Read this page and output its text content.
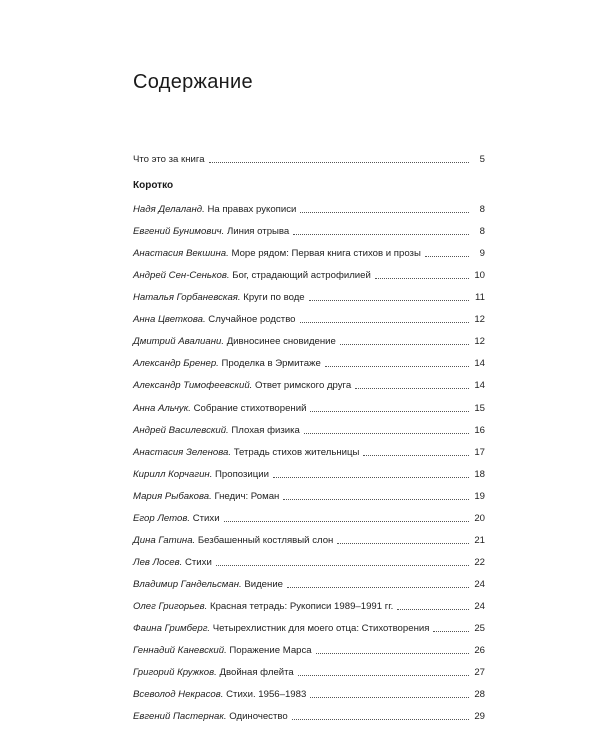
Содержание
Что это за книга	5
Коротко
Надя Делаланд. На правах рукописи	8
Евгений Бунимович. Линия отрыва	8
Анастасия Векшина. Море рядом: Первая книга стихов и прозы	9
Андрей Сен-Сеньков. Бог, страдающий астрофилией	10
Наталья Горбаневская. Круги по воде	11
Анна Цветкова. Случайное родство	12
Дмитрий Авалиани. Дивносинее сновидение	12
Александр Бренер. Проделка в Эрмитаже	14
Александр Тимофеевский. Ответ римского друга	14
Анна Альчук. Собрание стихотворений	15
Андрей Василевский. Плохая физика	16
Анастасия Зеленова. Тетрадь стихов жительницы	17
Кирилл Корчагин. Пропозиции	18
Мария Рыбакова. Гнедич: Роман	19
Егор Летов. Стихи	20
Дина Гатина. Безбашенный костлявый слон	21
Лев Лосев. Стихи	22
Владимир Гандельсман. Видение	24
Олег Григорьев. Красная тетрадь: Рукописи 1989–1991 гг.	24
Фаина Гримберг. Четырехлистник для моего отца: Стихотворения	25
Геннадий Каневский. Поражение Марса	26
Григорий Кружков. Двойная флейта	27
Всеволод Некрасов. Стихи. 1956–1983	28
Евгений Пастернак. Одиночество	29
